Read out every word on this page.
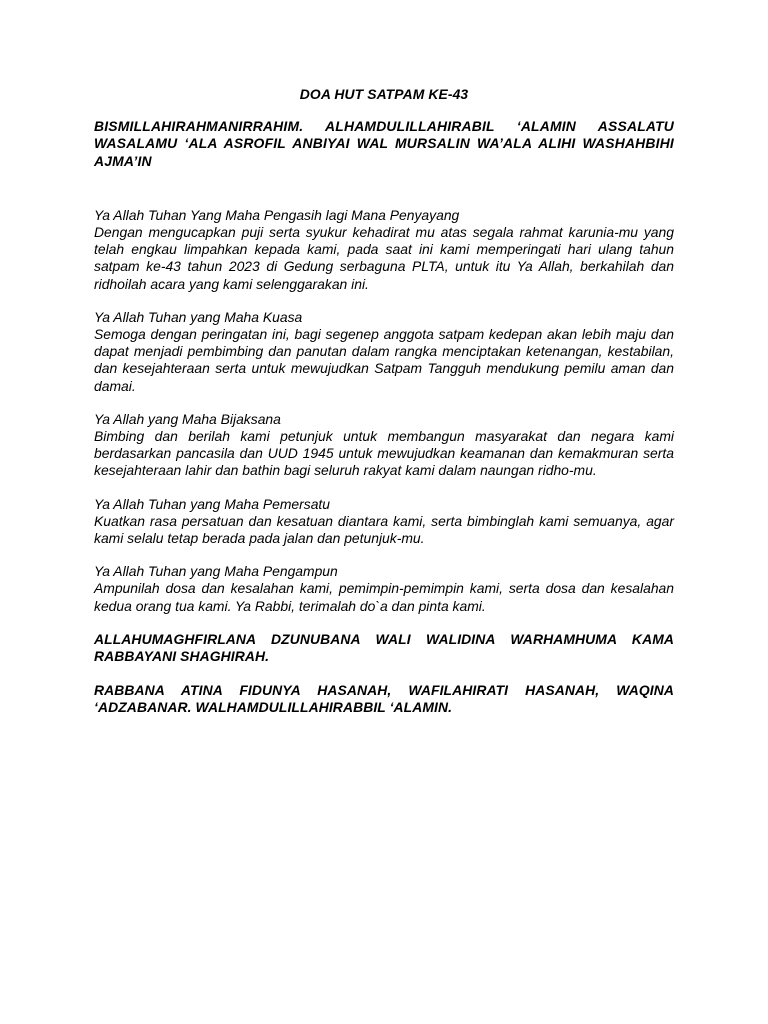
DOA HUT SATPAM KE-43

BISMILLAHIRAHMANIRRAHIM. ALHAMDULILLAHIRABIL ‘ALAMIN ASSALATU WASALAMU ‘ALA ASROFIL ANBIYAI WAL MURSALIN WA’ALA ALIHI WASHAHBIHI AJMA’IN

Ya Allah Tuhan Yang Maha Pengasih lagi Mana Penyayang

Dengan mengucapkan puji serta syukur kehadirat mu atas segala rahmat karunia-mu yang telah engkau limpahkan kepada kami, pada saat ini kami memperingati hari ulang tahun satpam ke-43 tahun 2023 di Gedung serbaguna PLTA, untuk itu Ya Allah, berkahilah dan ridhoilah acara yang kami selenggarakan ini.

Ya Allah Tuhan yang Maha Kuasa

Semoga dengan peringatan ini, bagi segenep anggota satpam kedepan akan lebih maju dan dapat menjadi pembimbing dan panutan dalam rangka menciptakan ketenangan, kestabilan, dan kesejahteraan serta untuk mewujudkan Satpam Tangguh mendukung pemilu aman dan damai.

Ya Allah yang Maha Bijaksana

Bimbing dan berilah kami petunjuk untuk membangun masyarakat dan negara kami berdasarkan pancasila dan UUD 1945 untuk mewujudkan keamanan dan kemakmuran serta kesejahteraan lahir dan bathin bagi seluruh rakyat kami dalam naungan ridho-mu.

Ya Allah Tuhan yang Maha Pemersatu

Kuatkan rasa persatuan dan kesatuan diantara kami, serta bimbinglah kami semuanya, agar kami selalu tetap berada pada jalan dan petunjuk-mu.

Ya Allah Tuhan yang Maha Pengampun

Ampunilah dosa dan kesalahan kami, pemimpin-pemimpin kami, serta dosa dan kesalahan kedua orang tua kami. Ya Rabbi, terimalah do`a dan pinta kami.

ALLAHUMAGHFIRLANA DZUNUBANA WALI WALIDINA WARHAMHUMA KAMA RABBAYANI SHAGHIRAH.

RABBANA ATINA FIDUNYA HASANAH, WAFILAHIRATI HASANAH, WAQINA ‘ADZABANAR. WALHAMDULILLAHIRABBIL ‘ALAMIN.
